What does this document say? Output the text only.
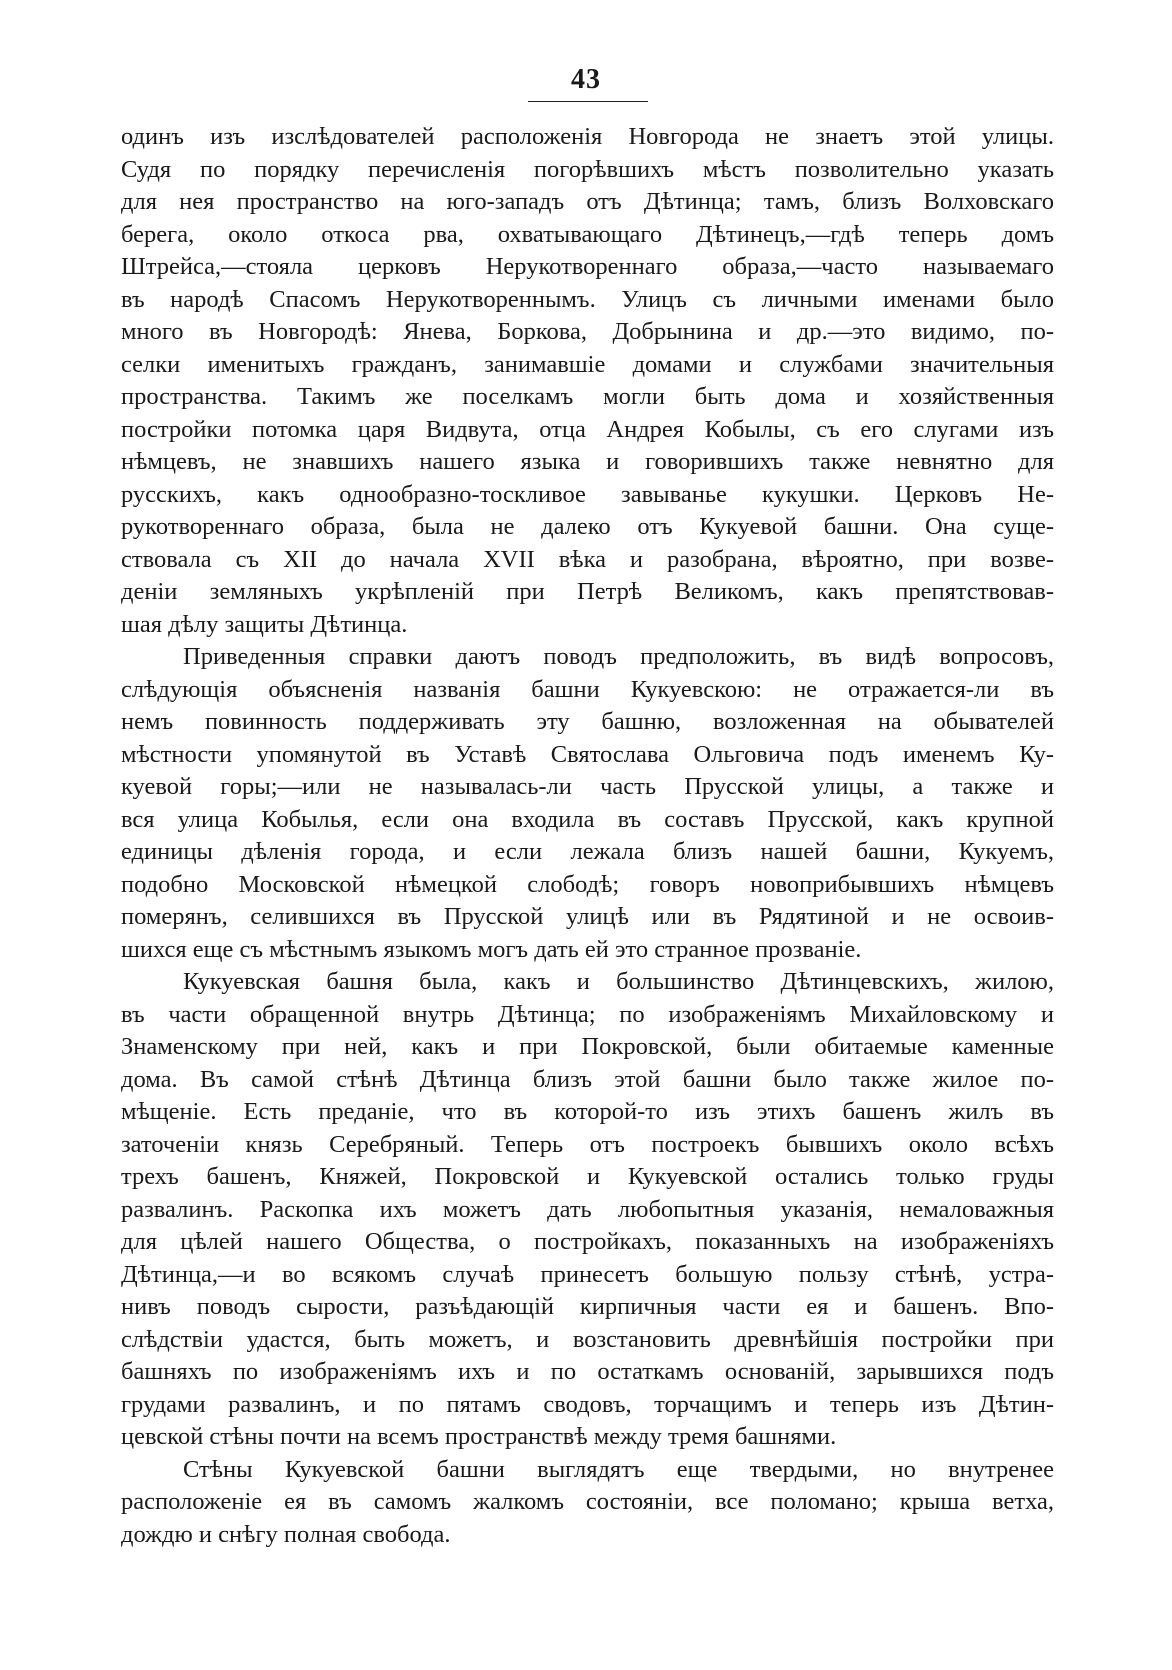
43
одинъ изъ изслѣдователей расположенія Новгорода не знаетъ этой улицы.
Судя по порядку перечисленія погорѣвшихъ мѣстъ позволительно указать
для нея пространство на юго-западъ отъ Дѣтинца; тамъ, близъ Волховскаго
берега, около откоса рва, охватывающаго Дѣтинецъ,—гдѣ теперь домъ
Штрейса,—стояла церковъ Нерукотвореннаго образа,—часто называемаго
въ народѣ Спасомъ Нерукотвореннымъ. Улицъ съ личными именами было
много въ Новгородѣ: Янева, Боркова, Добрынина и др.—это видимо, по-
селки именитыхъ гражданъ, занимавшіе домами и службами значительныя
пространства. Такимъ же поселкамъ могли быть дома и хозяйственныя
постройки потомка царя Видвута, отца Андрея Кобылы, съ его слугами изъ
нѣмцевъ, не знавшихъ нашего языка и говорившихъ также невнятно для
русскихъ, какъ однообразно-тоскливое завыванье кукушки. Церковъ Не-
рукотвореннаго образа, была не далеко отъ Кукуевой башни. Она суще-
ствовала съ XII до начала XVII вѣка и разобрана, вѣроятно, при возве-
деніи земляныхъ укрѣпленій при Петрѣ Великомъ, какъ препятствовав-
шая дѣлу защиты Дѣтинца.
Приведенныя справки даютъ поводъ предположить, въ видѣ вопросовъ,
слѣдующія объясненія названія башни Кукуевскою: не отражается-ли въ
немъ повинность поддерживать эту башню, возложенная на обывателей
мѣстности упомянутой въ Уставѣ Святослава Ольговича подъ именемъ Ку-
куевой горы;—или не называлась-ли часть Прусской улицы, а также и
вся улица Кобылья, если она входила въ составъ Прусской, какъ крупной
единицы дѣленія города, и если лежала близъ нашей башни, Кукуемъ,
подобно Московской нѣмецкой слободѣ; говоръ новоприбывшихъ нѣмцевъ
померянъ, селившихся въ Прусской улицѣ или въ Рядятиной и не освоив-
шихся еще съ мѣстнымъ языкомъ могъ дать ей это странное прозваніе.
Кукуевская башня была, какъ и большинство Дѣтинцевскихъ, жилою,
въ части обращенной внутрь Дѣтинца; по изображеніямъ Михайловскому и
Знаменскому при ней, какъ и при Покровской, были обитаемые каменные
дома. Въ самой стѣнѣ Дѣтинца близъ этой башни было также жилое по-
мѣщеніе. Есть преданіе, что въ которой-то изъ этихъ башенъ жилъ въ
заточеніи князь Серебряный. Теперь отъ построекъ бывшихъ около всѣхъ
трехъ башенъ, Княжей, Покровской и Кукуевской остались только груды
развалинъ. Раскопка ихъ можетъ дать любопытныя указанія, немаловажныя
для цѣлей нашего Общества, о постройкахъ, показанныхъ на изображеніяхъ
Дѣтинца,—и во всякомъ случаѣ принесетъ большую пользу стѣнѣ, устра-
нивъ поводъ сырости, разъѣдающій кирпичныя части ея и башенъ. Впо-
слѣдствіи удастся, быть можетъ, и возстановить древнѣйшія постройки при
башняхъ по изображеніямъ ихъ и по остаткамъ основаній, зарывшихся подъ
грудами развалинъ, и по пятамъ сводовъ, торчащимъ и теперь изъ Дѣтин-
цевской стѣны почти на всемъ пространствѣ между тремя башнями.
Стѣны Кукуевской башни выглядятъ еще твердыми, но внутренее
расположеніе ея въ самомъ жалкомъ состояніи, все поломано; крыша ветха,
дождю и снѣгу полная свобода.
